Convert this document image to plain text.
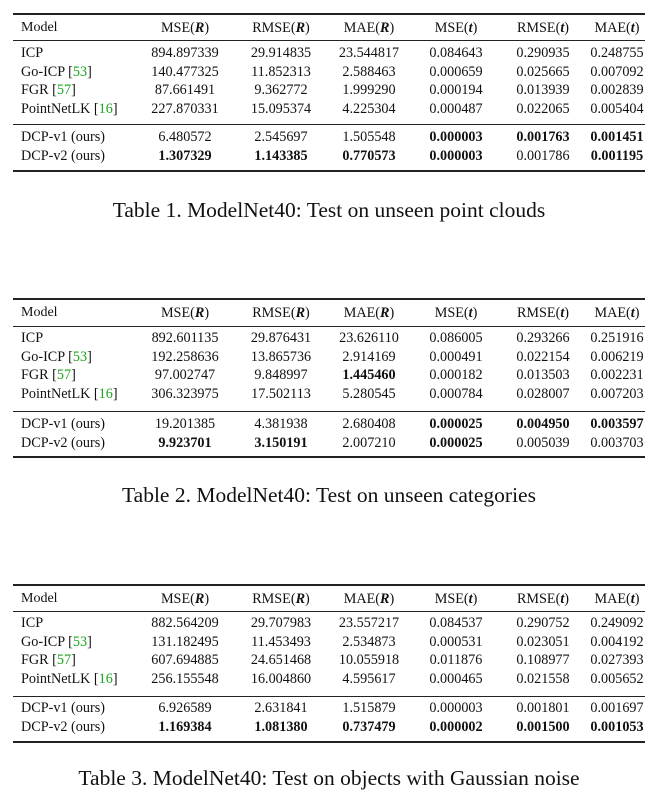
Model	MSE(R)	RMSE(R)	MAE(R)	MSE(t)	RMSE(t)	MAE(t)
ICP	894.897339	29.914835	23.544817	0.084643	0.290935	0.248755
Go-ICP [53]	140.477325	11.852313	2.588463	0.000659	0.025665	0.007092
FGR [57]	87.661491	9.362772	1.999290	0.000194	0.013939	0.002839
PointNetLK [16]	227.870331	15.095374	4.225304	0.000487	0.022065	0.005404
DCP-v1 (ours)	6.480572	2.545697	1.505548	0.000003	0.001763	0.001451
DCP-v2 (ours)	1.307329	1.143385	0.770573	0.000003	0.001786	0.001195
Table 1. ModelNet40: Test on unseen point clouds
Model	MSE(R)	RMSE(R)	MAE(R)	MSE(t)	RMSE(t)	MAE(t)
ICP	892.601135	29.876431	23.626110	0.086005	0.293266	0.251916
Go-ICP [53]	192.258636	13.865736	2.914169	0.000491	0.022154	0.006219
FGR [57]	97.002747	9.848997	1.445460	0.000182	0.013503	0.002231
PointNetLK [16]	306.323975	17.502113	5.280545	0.000784	0.028007	0.007203
DCP-v1 (ours)	19.201385	4.381938	2.680408	0.000025	0.004950	0.003597
DCP-v2 (ours)	9.923701	3.150191	2.007210	0.000025	0.005039	0.003703
Table 2. ModelNet40: Test on unseen categories
Model	MSE(R)	RMSE(R)	MAE(R)	MSE(t)	RMSE(t)	MAE(t)
ICP	882.564209	29.707983	23.557217	0.084537	0.290752	0.249092
Go-ICP [53]	131.182495	11.453493	2.534873	0.000531	0.023051	0.004192
FGR [57]	607.694885	24.651468	10.055918	0.011876	0.108977	0.027393
PointNetLK [16]	256.155548	16.004860	4.595617	0.000465	0.021558	0.005652
DCP-v1 (ours)	6.926589	2.631841	1.515879	0.000003	0.001801	0.001697
DCP-v2 (ours)	1.169384	1.081380	0.737479	0.000002	0.001500	0.001053
Table 3. ModelNet40: Test on objects with Gaussian noise
